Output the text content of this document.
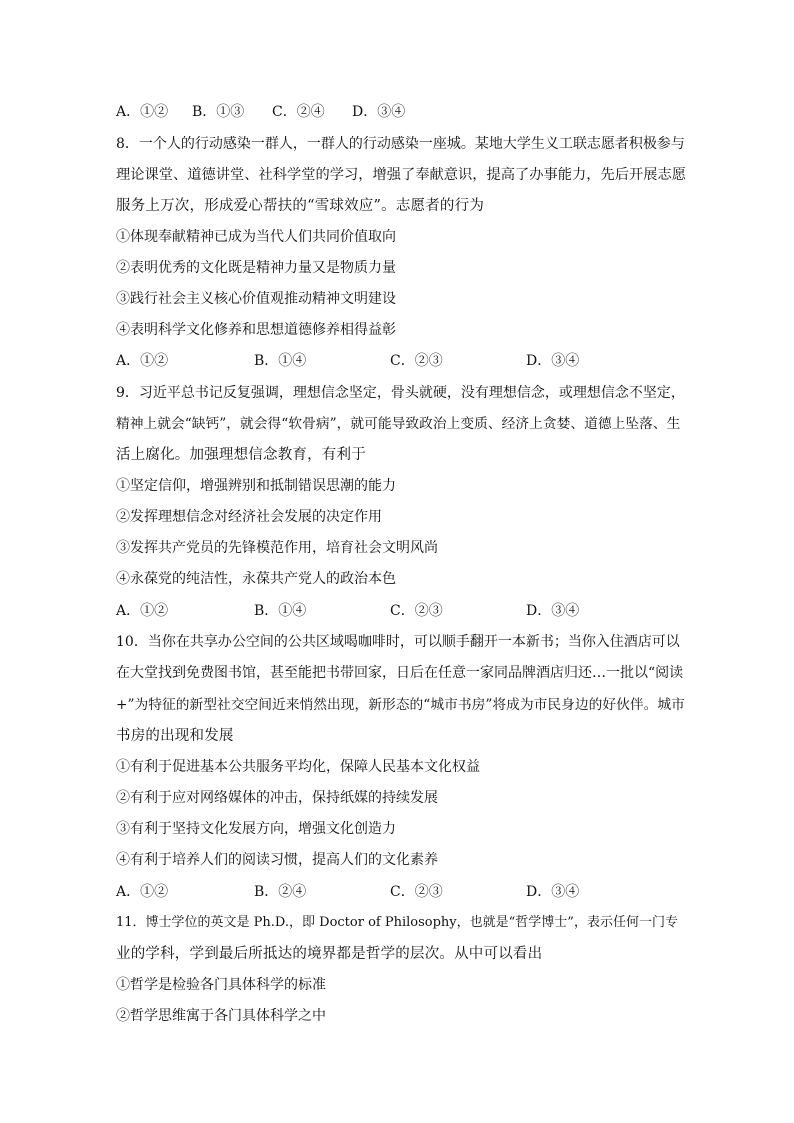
A．①② B．①③ C．②④ D．③④
8．一个人的行动感染一群人，一群人的行动感染一座城。某地大学生义工联志愿者积极参与
理论课堂、道德讲堂、社科学堂的学习，增强了奉献意识，提高了办事能力，先后开展志愿
服务上万次，形成爱心帮扶的“雪球效应”。志愿者的行为
①体现奉献精神已成为当代人们共同价值取向
②表明优秀的文化既是精神力量又是物质力量
③践行社会主义核心价值观推动精神文明建设
④表明科学文化修养和思想道德修养相得益彰
A．①②	B．①④	C．②③	D．③④
9．习近平总书记反复强调，理想信念坚定，骨头就硬，没有理想信念，或理想信念不坚定，
精神上就会“缺钙”，就会得“软骨病”，就可能导致政治上变质、经济上贪婪、道德上坠落、生
活上腐化。加强理想信念教育，有利于
①坚定信仰，增强辨别和抵制错误思潮的能力
②发挥理想信念对经济社会发展的决定作用
③发挥共产党员的先锋模范作用，培育社会文明风尚
④永葆党的纯洁性，永葆共产党人的政治本色
A．①②	B．①④	C．②③	D．③④
10．当你在共享办公空间的公共区域喝咖啡时，可以顺手翻开一本新书；当你入住酒店可以
在大堂找到免费图书馆，甚至能把书带回家，日后在任意一家同品牌酒店归还…一批以“阅读
+”为特征的新型社交空间近来悄然出现，新形态的“城市书房”将成为市民身边的好伙伴。城市
书房的出现和发展
①有利于促进基本公共服务平均化，保障人民基本文化权益
②有利于应对网络媒体的冲击，保持纸媒的持续发展
③有利于坚持文化发展方向，增强文化创造力
④有利于培养人们的阅读习惯，提高人们的文化素养
A．①②	B．②④	C．②③	D．③④
11．博士学位的英文是 Ph.D.，即 Doctor of Philosophy，也就是“哲学博士”，表示任何一门专
业的学科，学到最后所抵达的境界都是哲学的层次。从中可以看出
①哲学是检验各门具体科学的标准
②哲学思维寓于各门具体科学之中
